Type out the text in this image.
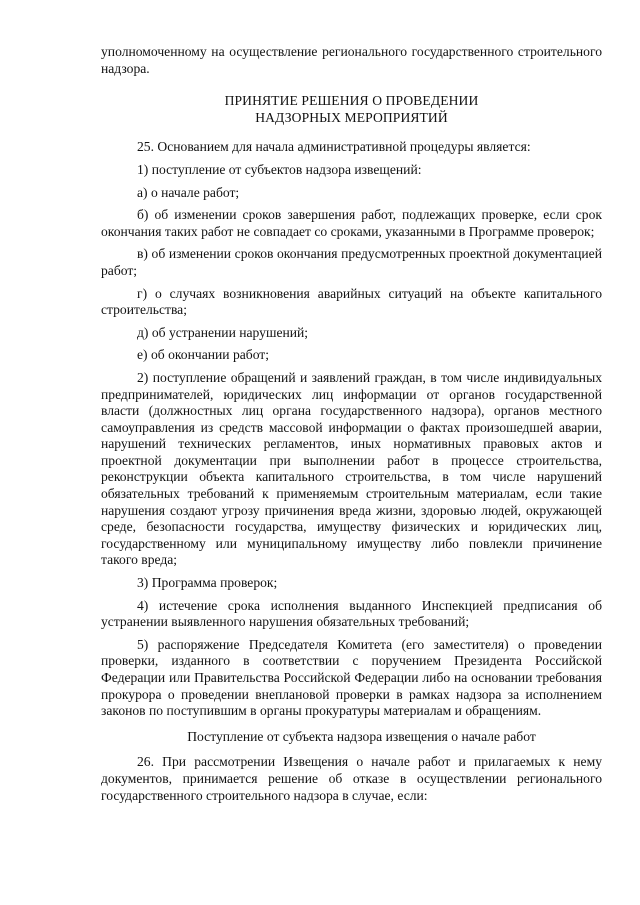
уполномоченному на осуществление регионального государственного строительного надзора.

ПРИНЯТИЕ РЕШЕНИЯ О ПРОВЕДЕНИИ

НАДЗОРНЫХ МЕРОПРИЯТИЙ

25. Основанием для начала административной процедуры является:

1) поступление от субъектов надзора извещений:

а) о начале работ;

б) об изменении сроков завершения работ, подлежащих проверке, если срок окончания таких работ не совпадает со сроками, указанными в Программе проверок;

в) об изменении сроков окончания предусмотренных проектной документацией работ;

г) о случаях возникновения аварийных ситуаций на объекте капитального строительства;

д) об устранении нарушений;

е) об окончании работ;

2) поступление обращений и заявлений граждан, в том числе индивидуальных предпринимателей, юридических лиц информации от органов государственной власти (должностных лиц органа государственного надзора), органов местного самоуправления из средств массовой информации о фактах произошедшей аварии, нарушений технических регламентов, иных нормативных правовых актов и проектной документации при выполнении работ в процессе строительства, реконструкции объекта капитального строительства, в том числе нарушений обязательных требований к применяемым строительным материалам, если такие нарушения создают угрозу причинения вреда жизни, здоровью людей, окружающей среде, безопасности государства, имуществу физических и юридических лиц, государственному или муниципальному имуществу либо повлекли причинение такого вреда;

3) Программа проверок;

4) истечение срока исполнения выданного Инспекцией предписания об устранении выявленного нарушения обязательных требований;

5) распоряжение Председателя Комитета (его заместителя) о проведении проверки, изданного в соответствии с поручением Президента Российской Федерации или Правительства Российской Федерации либо на основании требования прокурора о проведении внеплановой проверки в рамках надзора за исполнением законов по поступившим в органы прокуратуры материалам и обращениям.

Поступление от субъекта надзора извещения о начале работ

26. При рассмотрении Извещения о начале работ и прилагаемых к нему документов, принимается решение об отказе в осуществлении регионального государственного строительного надзора в случае, если:
